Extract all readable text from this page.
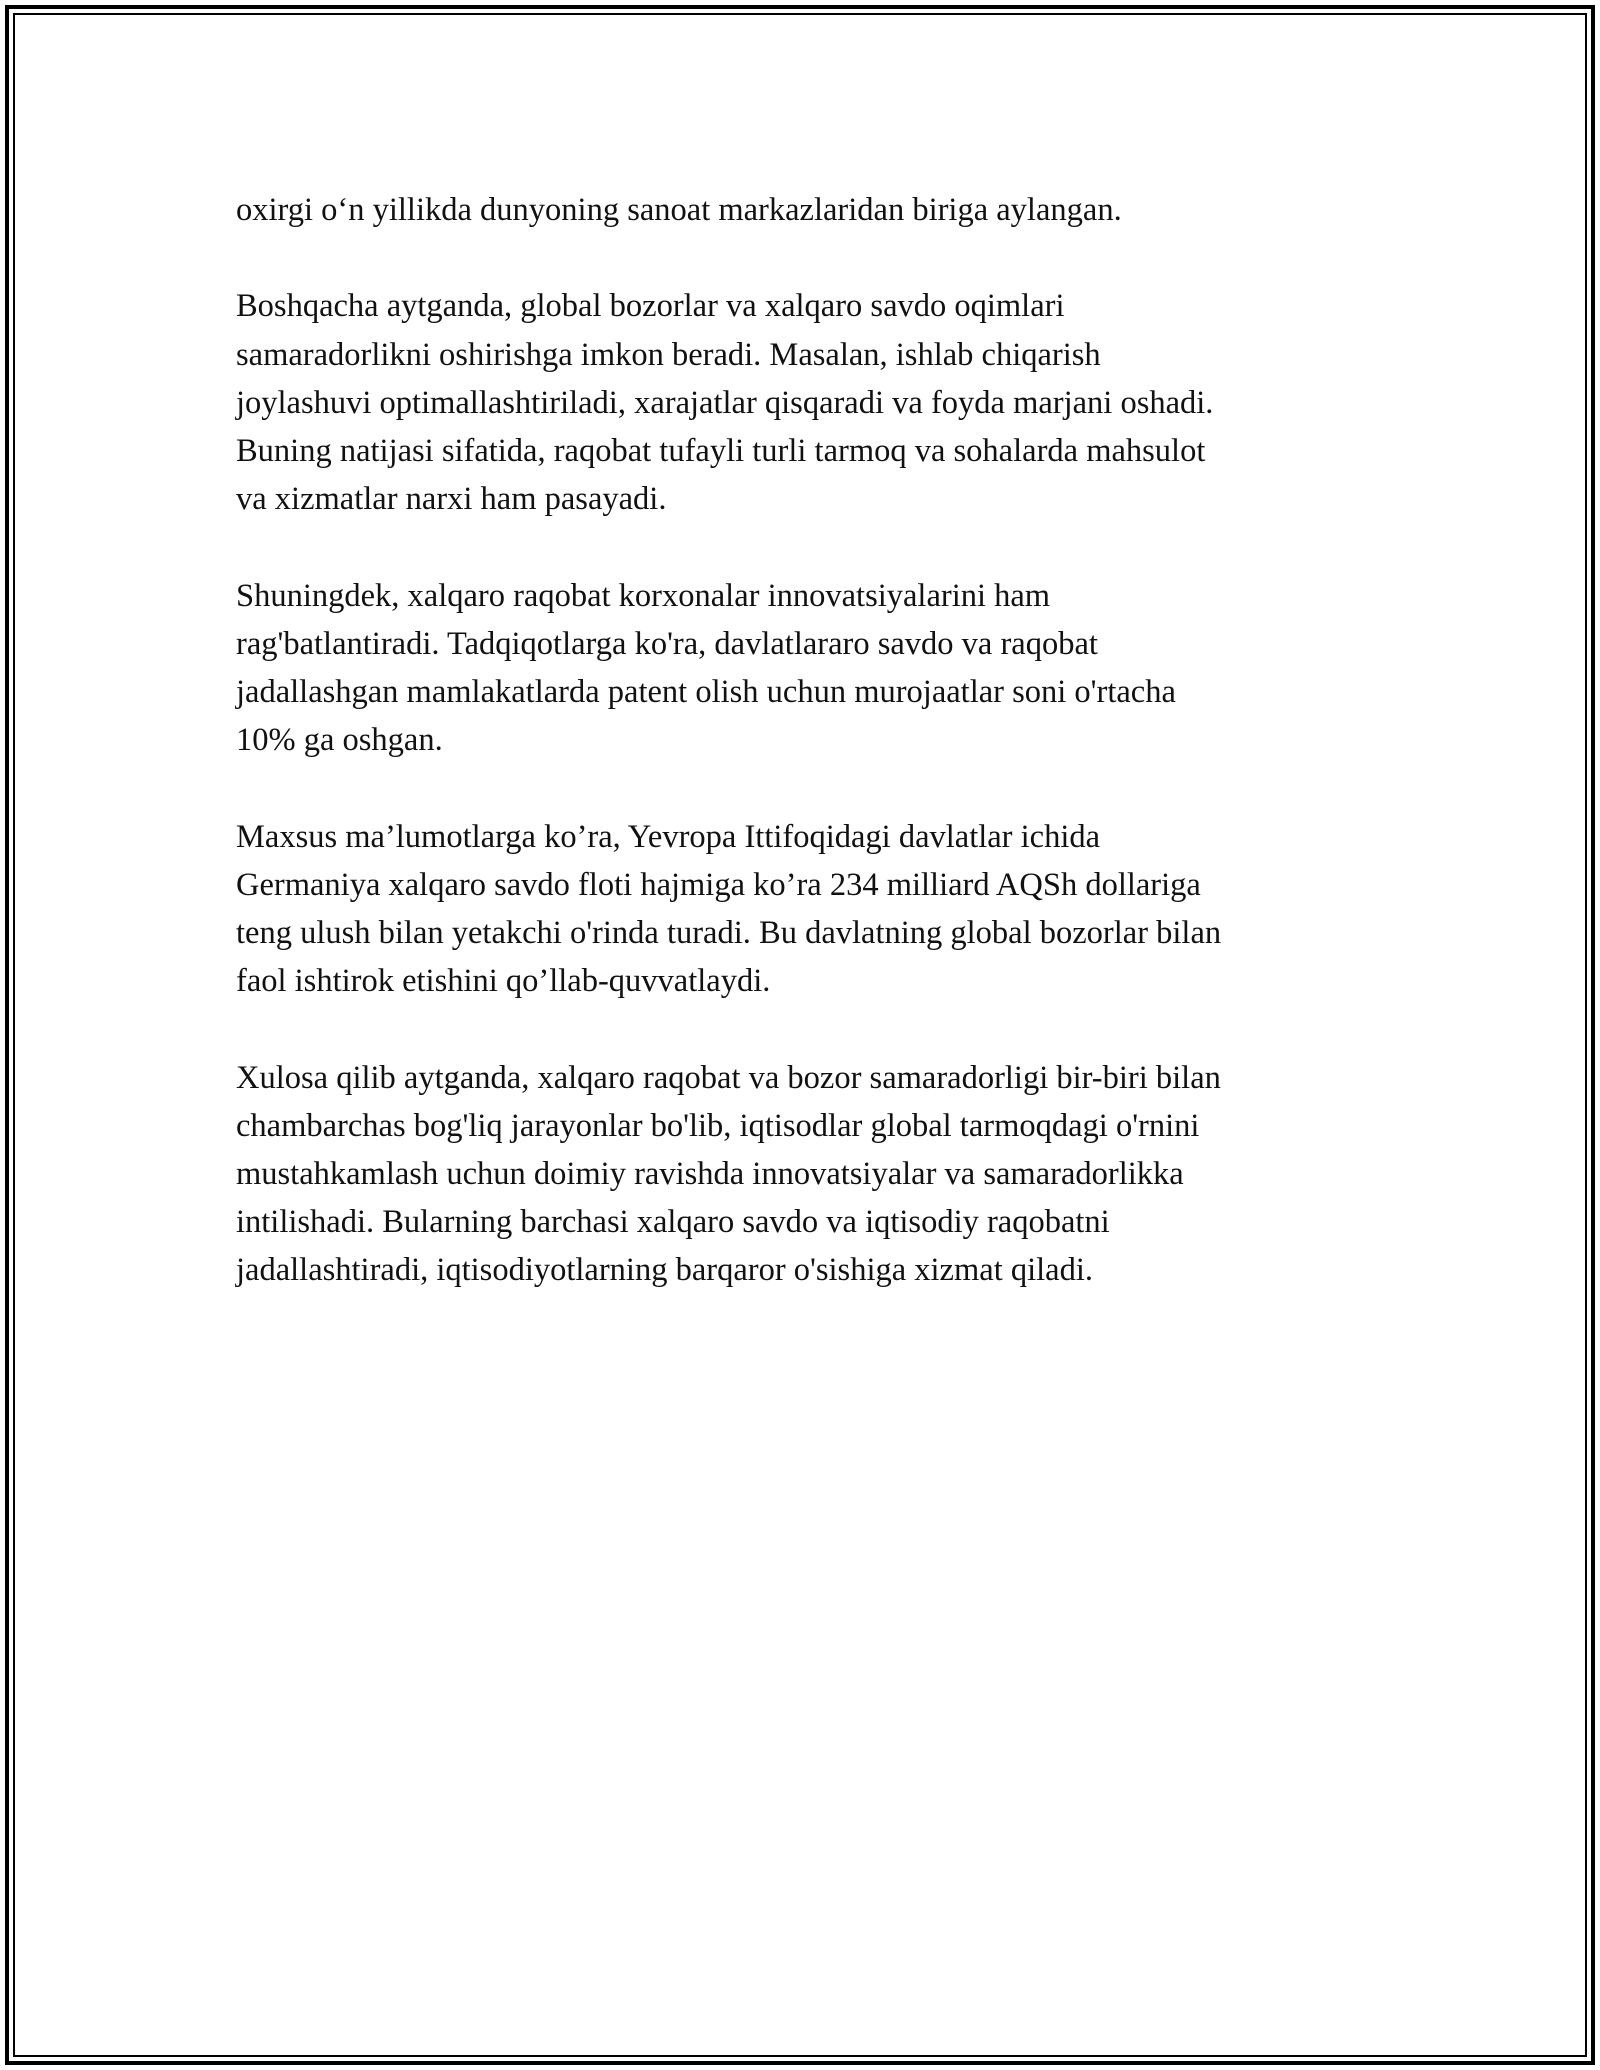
oxirgi o‘n yillikda dunyoning sanoat markazlaridan biriga aylangan.

Boshqacha aytganda, global bozorlar va xalqaro savdo oqimlari
samaradorlikni oshirishga imkon beradi. Masalan, ishlab chiqarish
joylashuvi optimallashtiriladi, xarajatlar qisqaradi va foyda marjani oshadi.
Buning natijasi sifatida, raqobat tufayli turli tarmoq va sohalarda mahsulot
va xizmatlar narxi ham pasayadi.

Shuningdek, xalqaro raqobat korxonalar innovatsiyalarini ham
rag'batlantiradi. Tadqiqotlarga ko'ra, davlatlararo savdo va raqobat
jadallashgan mamlakatlarda patent olish uchun murojaatlar soni o'rtacha
10% ga oshgan.

Maxsus ma’lumotlarga ko’ra, Yevropa Ittifoqidagi davlatlar ichida
Germaniya xalqaro savdo floti hajmiga ko’ra 234 milliard AQSh dollariga
teng ulush bilan yetakchi o'rinda turadi. Bu davlatning global bozorlar bilan
faol ishtirok etishini qo’llab-quvvatlaydi.

Xulosa qilib aytganda, xalqaro raqobat va bozor samaradorligi bir-biri bilan
chambarchas bog'liq jarayonlar bo'lib, iqtisodlar global tarmoqdagi o'rnini
mustahkamlash uchun doimiy ravishda innovatsiyalar va samaradorlikka
intilishadi. Bularning barchasi xalqaro savdo va iqtisodiy raqobatni
jadallashtiradi, iqtisodiyotlarning barqaror o'sishiga xizmat qiladi.
